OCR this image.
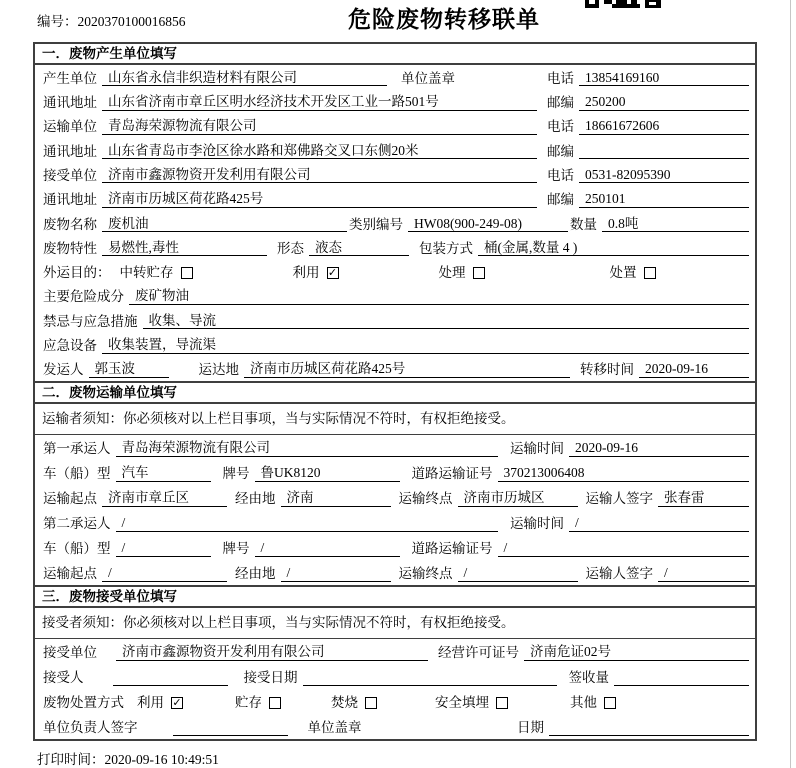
编号：2020370100016856	危险废物转移联单
一．废物产生单位填写
产生单位 山东省永信非织造材料有限公司	单位盖章	电话 13854169160
通讯地址 山东省济南市章丘区明水经济技术开发区工业一路501号	邮编 250200
运输单位 青岛海荣源物流有限公司	电话 18661672606
通讯地址 山东省青岛市李沧区徐水路和郑佛路交叉口东侧20米	邮编
接受单位 济南市鑫源物资开发利用有限公司	电话 0531-82095390
通讯地址 济南市历城区荷花路425号	邮编 250101
废物名称 废机油	类别编号 HW08(900-249-08)	数量 0.8吨
废物特性 易燃性,毒性	形态 液态	包装方式 桶(金属,数量 4 )
外运目的： 中转贮存	利用 ✓	处理	处置
主要危险成分 废矿物油
禁忌与应急措施 收集、导流
应急设备 收集装置，导流渠
发运人 郭玉波	运达地 济南市历城区荷花路425号	转移时间 2020-09-16
二．废物运输单位填写
运输者须知：你必须核对以上栏目事项，当与实际情况不符时，有权拒绝接受。
第一承运人 青岛海荣源物流有限公司	运输时间 2020-09-16
车（船）型 汽车	牌号 鲁UK8120	道路运输证号 370213006408
运输起点 济南市章丘区	经由地 济南	运输终点 济南市历城区	运输人签字 张春雷
第二承运人 /	运输时间 /
车（船）型 /	牌号 /	道路运输证号 /
运输起点 /	经由地 /	运输终点 /	运输人签字 /
三．废物接受单位填写
接受者须知：你必须核对以上栏目事项，当与实际情况不符时，有权拒绝接受。
接受单位	济南市鑫源物资开发利用有限公司	经营许可证号 济南危证02号
接受人	接受日期	签收量
废物处置方式 利用 ✓	贮存	焚烧	安全填埋	其他
单位负责人签字	单位盖章	日期
打印时间：2020-09-16 10:49:51
